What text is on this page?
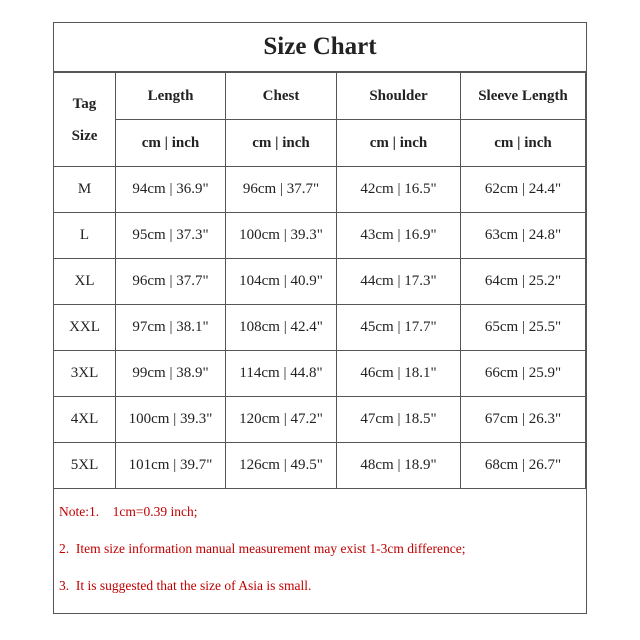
Size Chart
Tag
Size	Length	Chest	Shoulder	Sleeve Length
	cm | inch	cm | inch	cm | inch	cm | inch
M	94cm | 36.9"	96cm | 37.7"	42cm | 16.5"	62cm | 24.4"
L	95cm | 37.3"	100cm | 39.3"	43cm | 16.9"	63cm | 24.8"
XL	96cm | 37.7"	104cm | 40.9"	44cm | 17.3"	64cm | 25.2"
XXL	97cm | 38.1"	108cm | 42.4"	45cm | 17.7"	65cm | 25.5"
3XL	99cm | 38.9"	114cm | 44.8"	46cm | 18.1"	66cm | 25.9"
4XL	100cm | 39.3"	120cm | 47.2"	47cm | 18.5"	67cm | 26.3"
5XL	101cm | 39.7"	126cm | 49.5"	48cm | 18.9"	68cm | 26.7"
Note:1.    1cm=0.39 inch;
2.  Item size information manual measurement may exist 1-3cm difference;
3.  It is suggested that the size of Asia is small.
